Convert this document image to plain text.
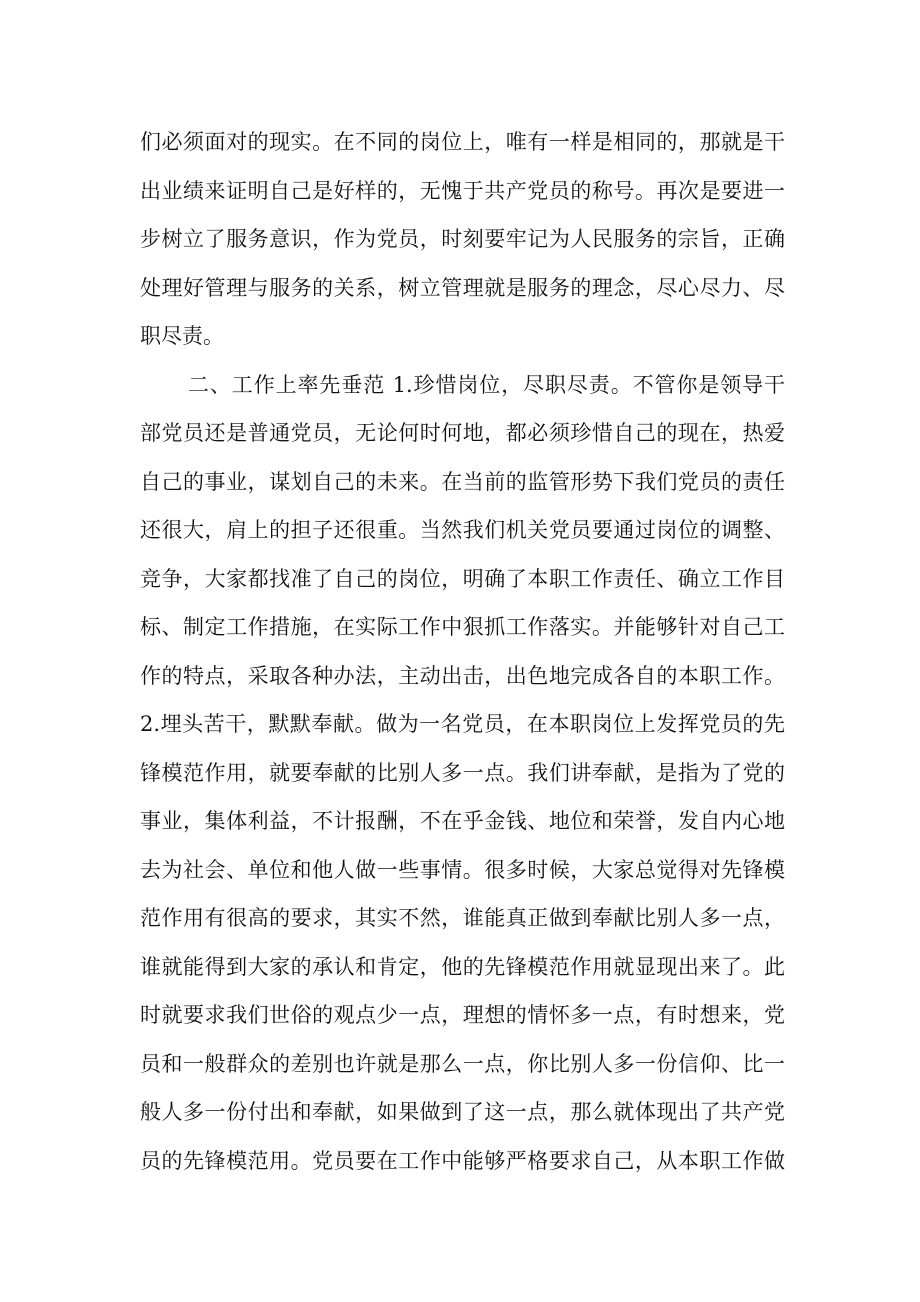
们必须面对的现实。在不同的岗位上，唯有一样是相同的，那就是干
出业绩来证明自己是好样的，无愧于共产党员的称号。再次是要进一
步树立了服务意识，作为党员，时刻要牢记为人民服务的宗旨，正确
处理好管理与服务的关系，树立管理就是服务的理念，尽心尽力、尽
职尽责。
二、工作上率先垂范 1.珍惜岗位，尽职尽责。不管你是领导干
部党员还是普通党员，无论何时何地，都必须珍惜自己的现在，热爱
自己的事业，谋划自己的未来。在当前的监管形势下我们党员的责任
还很大，肩上的担子还很重。当然我们机关党员要通过岗位的调整、
竞争，大家都找准了自己的岗位，明确了本职工作责任、确立工作目
标、制定工作措施，在实际工作中狠抓工作落实。并能够针对自己工
作的特点，采取各种办法，主动出击，出色地完成各自的本职工作。
2.埋头苦干，默默奉献。做为一名党员，在本职岗位上发挥党员的先
锋模范作用，就要奉献的比别人多一点。我们讲奉献，是指为了党的
事业，集体利益，不计报酬，不在乎金钱、地位和荣誉，发自内心地
去为社会、单位和他人做一些事情。很多时候，大家总觉得对先锋模
范作用有很高的要求，其实不然，谁能真正做到奉献比别人多一点，
谁就能得到大家的承认和肯定，他的先锋模范作用就显现出来了。此
时就要求我们世俗的观点少一点，理想的情怀多一点，有时想来，党
员和一般群众的差别也许就是那么一点，你比别人多一份信仰、比一
般人多一份付出和奉献，如果做到了这一点，那么就体现出了共产党
员的先锋模范用。党员要在工作中能够严格要求自己，从本职工作做
